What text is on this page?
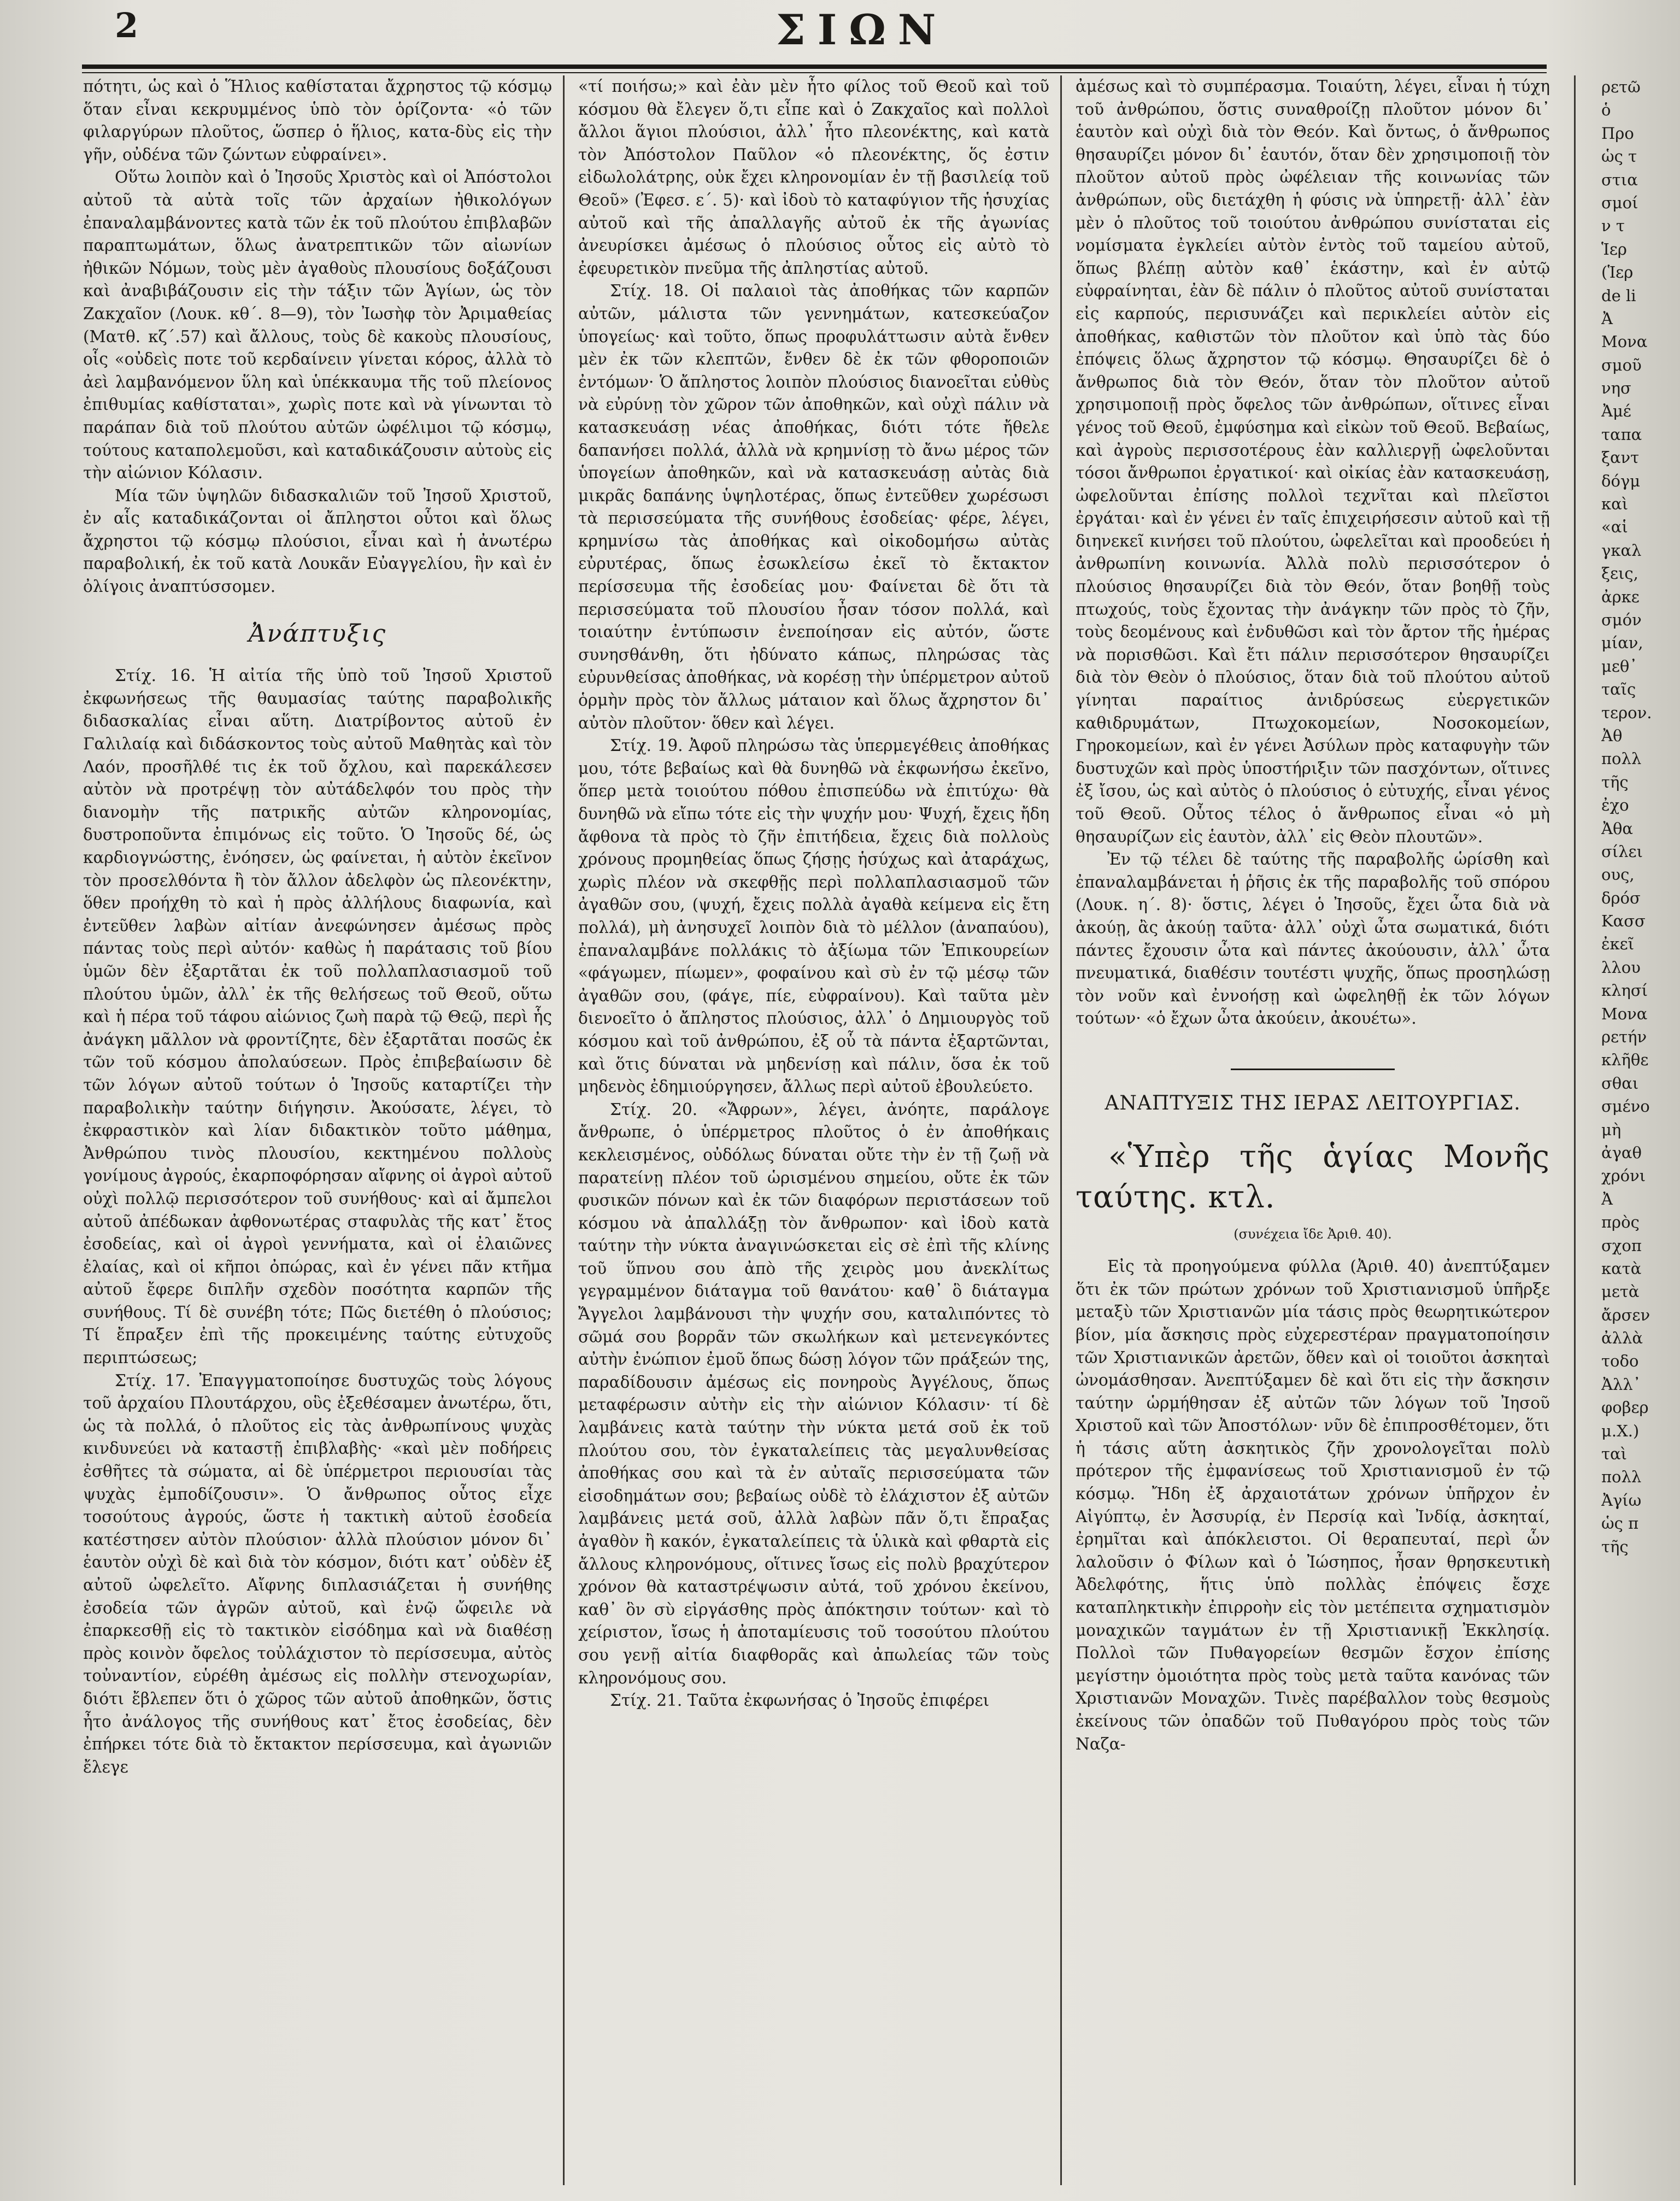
2	ΣΙΩΝ

πότητι, ὡς καὶ ὁ Ἥλιος καθίσταται ἄχρηστος τῷ κόσμῳ ὅταν εἶναι κεκρυμμένος ὑπὸ τὸν ὁρίζοντα· «ὁ τῶν φιλαργύρων πλοῦτος, ὥσπερ ὁ ἥλιος, κατα-δὺς εἰς τὴν γῆν, οὐδένα τῶν ζώντων εὐφραίνει».

Οὕτω λοιπὸν καὶ ὁ Ἰησοῦς Χριστὸς καὶ οἱ Ἀπόστολοι αὐτοῦ τὰ αὐτὰ τοῖς τῶν ἀρχαίων ἠθικολόγων ἐπαναλαμβάνοντες κατὰ τῶν ἐκ τοῦ πλούτου ἐπιβλαβῶν παραπτωμάτων, ὅλως ἀνατρεπτικῶν τῶν αἰωνίων ἠθικῶν Νόμων, τοὺς μὲν ἀγαθοὺς πλουσίους δοξάζουσι καὶ ἀναβιβάζουσιν εἰς τὴν τάξιν τῶν Ἁγίων, ὡς τὸν Ζακχαῖον (Λουκ. κθ΄. 8—9), τὸν Ἰωσὴφ τὸν Ἀριμαθείας (Ματθ. κζ΄.57) καὶ ἄλλους, τοὺς δὲ κακοὺς πλουσίους, οἷς «οὐδεὶς ποτε τοῦ κερδαίνειν γίνεται κόρος, ἀλλὰ τὸ ἀεὶ λαμβανόμενον ὕλη καὶ ὑπέκκαυμα τῆς τοῦ πλείονος ἐπιθυμίας καθίσταται», χωρὶς ποτε καὶ νὰ γίνωνται τὸ παράπαν διὰ τοῦ πλούτου αὐτῶν ὠφέλιμοι τῷ κόσμῳ, τούτους καταπολεμοῦσι, καὶ καταδικάζουσιν αὐτοὺς εἰς τὴν αἰώνιον Κόλασιν.

Μία τῶν ὑψηλῶν διδασκαλιῶν τοῦ Ἰησοῦ Χριστοῦ, ἐν αἷς καταδικάζονται οἱ ἄπληστοι οὗτοι καὶ ὅλως ἄχρηστοι τῷ κόσμῳ πλούσιοι, εἶναι καὶ ἡ ἀνωτέρω παραβολική, ἐκ τοῦ κατὰ Λουκᾶν Εὐαγγελίου, ἣν καὶ ἐν ὀλίγοις ἀναπτύσσομεν.

Ἀνάπτυξις

Στίχ. 16. Ἡ αἰτία τῆς ὑπὸ τοῦ Ἰησοῦ Χριστοῦ ἐκφωνήσεως τῆς θαυμασίας ταύτης παραβολικῆς διδασκαλίας εἶναι αὕτη. Διατρίβοντος αὐτοῦ ἐν Γαλιλαίᾳ καὶ διδάσκοντος τοὺς αὐτοῦ Μαθητὰς καὶ τὸν Λαόν, προσῆλθέ τις ἐκ τοῦ ὄχλου, καὶ παρεκάλεσεν αὐτὸν νὰ προτρέψῃ τὸν αὐτάδελφόν του πρὸς τὴν διανομὴν τῆς πατρικῆς αὐτῶν κληρονομίας, δυστροποῦντα ἐπιμόνως εἰς τοῦτο. Ὁ Ἰησοῦς δέ, ὡς καρδιογνώστης, ἐνόησεν, ὡς φαίνεται, ἡ αὐτὸν ἐκεῖνον τὸν προσελθόντα ἢ τὸν ἄλλον ἀδελφὸν ὡς πλεονέκτην, ὅθεν προήχθη τὸ καὶ ἡ πρὸς ἀλλήλους διαφωνία, καὶ ἐντεῦθεν λαβὼν αἰτίαν ἀνεφώνησεν ἀμέσως πρὸς πάντας τοὺς περὶ αὐτόν· καθὼς ἡ παράτασις τοῦ βίου ὑμῶν δὲν ἐξαρτᾶται ἐκ τοῦ πολλαπλασιασμοῦ τοῦ πλούτου ὑμῶν, ἀλλ᾽ ἐκ τῆς θελήσεως τοῦ Θεοῦ, οὕτω καὶ ἡ πέρα τοῦ τάφου αἰώνιος ζωὴ παρὰ τῷ Θεῷ, περὶ ἧς ἀνάγκη μᾶλλον νὰ φροντίζητε, δὲν ἐξαρτᾶται ποσῶς ἐκ τῶν τοῦ κόσμου ἀπολαύσεων. Πρὸς ἐπιβεβαίωσιν δὲ τῶν λόγων αὐτοῦ τούτων ὁ Ἰησοῦς καταρτίζει τὴν παραβολικὴν ταύτην διήγησιν. Ἀκούσατε, λέγει, τὸ ἐκφραστικὸν καὶ λίαν διδακτικὸν τοῦτο μάθημα, Ἀνθρώπου τινὸς πλουσίου, κεκτημένου πολλοὺς γονίμους ἀγρούς, ἐκαρποφόρησαν αἴφνης οἱ ἀγροὶ αὐτοῦ οὐχὶ πολλῷ περισσότερον τοῦ συνήθους· καὶ αἱ ἄμπελοι αὐτοῦ ἀπέδωκαν ἀφθονωτέρας σταφυλὰς τῆς κατ᾽ ἔτος ἐσοδείας, καὶ οἱ ἀγροὶ γεννήματα, καὶ οἱ ἐλαιῶνες ἐλαίας, καὶ οἱ κῆποι ὀπώρας, καὶ ἐν γένει πᾶν κτῆμα αὐτοῦ ἔφερε διπλῆν σχεδὸν ποσότητα καρπῶν τῆς συνήθους. Τί δὲ συνέβη τότε; Πῶς διετέθη ὁ πλούσιος; Τί ἔπραξεν ἐπὶ τῆς προκειμένης ταύτης εὐτυχοῦς περιπτώσεως;

Στίχ. 17. Ἐπαγγματοποίησε δυστυχῶς τοὺς λόγους τοῦ ἀρχαίου Πλουτάρχου, οὓς ἐξεθέσαμεν ἀνωτέρω, ὅτι, ὡς τὰ πολλά, ὁ πλοῦτος εἰς τὰς ἀνθρωπίνους ψυχὰς κινδυνεύει νὰ καταστῇ ἐπιβλαβὴς· «καὶ μὲν ποδήρεις ἐσθῆτες τὰ σώματα, αἱ δὲ ὑπέρμετροι περιουσίαι τὰς ψυχὰς ἐμποδίζουσιν». Ὁ ἄνθρωπος οὗτος εἶχε τοσούτους ἀγρούς, ὥστε ἡ τακτικὴ αὐτοῦ ἐσοδεία κατέστησεν αὐτὸν πλούσιον· ἀλλὰ πλούσιον μόνον δι᾽ ἑαυτὸν οὐχὶ δὲ καὶ διὰ τὸν κόσμον, διότι κατ᾽ οὐδὲν ἐξ αὐτοῦ ὠφελεῖτο. Αἴφνης διπλασιάζεται ἡ συνήθης ἐσοδεία τῶν ἀγρῶν αὐτοῦ, καὶ ἐνῷ ὤφειλε νὰ ἐπαρκεσθῇ εἰς τὸ τακτικὸν εἰσόδημα καὶ νὰ διαθέσῃ πρὸς κοινὸν ὄφελος τοὐλάχιστον τὸ περίσσευμα, αὐτὸς τοὐναντίον, εὑρέθη ἀμέσως εἰς πολλὴν στενοχωρίαν, διότι ἔβλεπεν ὅτι ὁ χῶρος τῶν αὐτοῦ ἀποθηκῶν, ὅστις ἦτο ἀνάλογος τῆς συνήθους κατ᾽ ἔτος ἐσοδείας, δὲν ἐπήρκει τότε διὰ τὸ ἔκτακτον περίσσευμα, καὶ ἀγωνιῶν ἔλεγε

«τί ποιήσω;» καὶ ἐὰν μὲν ἦτο φίλος τοῦ Θεοῦ καὶ τοῦ κόσμου θὰ ἔλεγεν ὅ,τι εἶπε καὶ ὁ Ζακχαῖος καὶ πολλοὶ ἄλλοι ἅγιοι πλούσιοι, ἀλλ᾽ ἦτο πλεονέκτης, καὶ κατὰ τὸν Ἀπόστολον Παῦλον «ὁ πλεονέκτης, ὅς ἐστιν εἰδωλολάτρης, οὐκ ἔχει κληρονομίαν ἐν τῇ βασιλείᾳ τοῦ Θεοῦ» (Ἐφεσ. ε΄. 5)· καὶ ἰδοὺ τὸ καταφύγιον τῆς ἡσυχίας αὐτοῦ καὶ τῆς ἀπαλλαγῆς αὐτοῦ ἐκ τῆς ἀγωνίας ἀνευρίσκει ἀμέσως ὁ πλούσιος οὗτος εἰς αὐτὸ τὸ ἐφευρετικὸν πνεῦμα τῆς ἀπληστίας αὐτοῦ.

Στίχ. 18. Οἱ παλαιοὶ τὰς ἀποθήκας τῶν καρπῶν αὐτῶν, μάλιστα τῶν γεννημάτων, κατεσκεύαζον ὑπογείως· καὶ τοῦτο, ὅπως προφυλάττωσιν αὐτὰ ἔνθεν μὲν ἐκ τῶν κλεπτῶν, ἔνθεν δὲ ἐκ τῶν φθοροποιῶν ἐντόμων· Ὁ ἄπληστος λοιπὸν πλούσιος διανοεῖται εὐθὺς νὰ εὐρύνῃ τὸν χῶρον τῶν ἀποθηκῶν, καὶ οὐχὶ πάλιν νὰ κατασκευάσῃ νέας ἀποθήκας, διότι τότε ἤθελε δαπανήσει πολλά, ἀλλὰ νὰ κρημνίσῃ τὸ ἄνω μέρος τῶν ὑπογείων ἀποθηκῶν, καὶ νὰ κατασκευάσῃ αὐτὰς διὰ μικρᾶς δαπάνης ὑψηλοτέρας, ὅπως ἐντεῦθεν χωρέσωσι τὰ περισσεύματα τῆς συνήθους ἐσοδείας· φέρε, λέγει, κρημνίσω τὰς ἀποθήκας καὶ οἰκοδομήσω αὐτὰς εὐρυτέρας, ὅπως ἐσωκλείσω ἐκεῖ τὸ ἔκτακτον περίσσευμα τῆς ἐσοδείας μου· Φαίνεται δὲ ὅτι τὰ περισσεύματα τοῦ πλουσίου ἦσαν τόσον πολλά, καὶ τοιαύτην ἐντύπωσιν ἐνεποίησαν εἰς αὐτόν, ὥστε συνησθάνθη, ὅτι ἠδύνατο κάπως, πληρώσας τὰς εὐρυνθείσας ἀποθήκας, νὰ κορέσῃ τὴν ὑπέρμετρον αὐτοῦ ὁρμὴν πρὸς τὸν ἄλλως μάταιον καὶ ὅλως ἄχρηστον δι᾽ αὐτὸν πλοῦτον· ὅθεν καὶ λέγει.

Στίχ. 19. Ἀφοῦ πληρώσω τὰς ὑπερμεγέθεις ἀποθήκας μου, τότε βεβαίως καὶ θὰ δυνηθῶ νὰ ἐκφωνήσω ἐκεῖνο, ὅπερ μετὰ τοιούτου πόθου ἐπισπεύδω νὰ ἐπιτύχω· θὰ δυνηθῶ νὰ εἴπω τότε εἰς τὴν ψυχήν μου· Ψυχή, ἔχεις ἤδη ἄφθονα τὰ πρὸς τὸ ζῆν ἐπιτήδεια, ἔχεις διὰ πολλοὺς χρόνους προμηθείας ὅπως ζήσῃς ἡσύχως καὶ ἀταράχως, χωρὶς πλέον νὰ σκεφθῇς περὶ πολλαπλασιασμοῦ τῶν ἀγαθῶν σου, (ψυχή, ἔχεις πολλὰ ἀγαθὰ κείμενα εἰς ἔτη πολλά), μὴ ἀνησυχεῖ λοιπὸν διὰ τὸ μέλλον (ἀναπαύου), ἐπαναλαμβάνε πολλάκις τὸ ἀξίωμα τῶν Ἐπικουρείων «φάγωμεν, πίωμεν», φοφαίνου καὶ σὺ ἐν τῷ μέσῳ τῶν ἀγαθῶν σου, (φάγε, πίε, εὐφραίνου). Καὶ ταῦτα μὲν διενοεῖτο ὁ ἄπληστος πλούσιος, ἀλλ᾽ ὁ Δημιουργὸς τοῦ κόσμου καὶ τοῦ ἀνθρώπου, ἐξ οὗ τὰ πάντα ἐξαρτῶνται, καὶ ὅτις δύναται νὰ μηδενίσῃ καὶ πάλιν, ὅσα ἐκ τοῦ μηδενὸς ἐδημιούργησεν, ἄλλως περὶ αὐτοῦ ἐβουλεύετο.

Στίχ. 20. «Ἄφρων», λέγει, ἀνόητε, παράλογε ἄνθρωπε, ὁ ὑπέρμετρος πλοῦτος ὁ ἐν ἀποθήκαις κεκλεισμένος, οὐδόλως δύναται οὔτε τὴν ἐν τῇ ζωῇ νὰ παρατείνῃ πλέον τοῦ ὡρισμένου σημείου, οὔτε ἐκ τῶν φυσικῶν πόνων καὶ ἐκ τῶν διαφόρων περιστάσεων τοῦ κόσμου νὰ ἀπαλλάξῃ τὸν ἄνθρωπον· καὶ ἰδοὺ κατὰ ταύτην τὴν νύκτα ἀναγινώσκεται εἰς σὲ ἐπὶ τῆς κλίνης τοῦ ὕπνου σου ἀπὸ τῆς χειρὸς μου ἀνεκλίτως γεγραμμένον διάταγμα τοῦ θανάτου· καθ᾽ ὃ διάταγμα Ἄγγελοι λαμβάνουσι τὴν ψυχήν σου, καταλιπόντες τὸ σῶμά σου βορρᾶν τῶν σκωλήκων καὶ μετενεγκόντες αὐτὴν ἐνώπιον ἐμοῦ ὅπως δώσῃ λόγον τῶν πράξεών της, παραδίδουσιν ἀμέσως εἰς πονηροὺς Ἀγγέλους, ὅπως μεταφέρωσιν αὐτὴν εἰς τὴν αἰώνιον Κόλασιν· τί δὲ λαμβάνεις κατὰ ταύτην τὴν νύκτα μετά σοῦ ἐκ τοῦ πλούτου σου, τὸν ἐγκαταλείπεις τὰς μεγαλυνθείσας ἀποθήκας σου καὶ τὰ ἐν αὐταῖς περισσεύματα τῶν εἰσοδημάτων σου; βεβαίως οὐδὲ τὸ ἐλάχιστον ἐξ αὐτῶν λαμβάνεις μετά σοῦ, ἀλλὰ λαβὼν πᾶν ὅ,τι ἔπραξας ἀγαθὸν ἢ κακόν, ἐγκαταλείπεις τὰ ὑλικὰ καὶ φθαρτὰ εἰς ἄλλους κληρονόμους, οἵτινες ἴσως εἰς πολὺ βραχύτερον χρόνον θὰ καταστρέψωσιν αὐτά, τοῦ χρόνου ἐκείνου, καθ᾽ ὃν σὺ εἰργάσθης πρὸς ἀπόκτησιν τούτων· καὶ τὸ χείριστον, ἴσως ἡ ἀποταμίευσις τοῦ τοσούτου πλούτου σου γενῇ αἰτία διαφθορᾶς καὶ ἀπωλείας τῶν τοὺς κληρονόμους σου.

Στίχ. 21. Ταῦτα ἐκφωνήσας ὁ Ἰησοῦς ἐπιφέρει

ἀμέσως καὶ τὸ συμπέρασμα. Τοιαύτη, λέγει, εἶναι ἡ τύχη τοῦ ἀνθρώπου, ὅστις συναθροίζῃ πλοῦτον μόνον δι᾽ ἑαυτὸν καὶ οὐχὶ διὰ τὸν Θεόν. Καὶ ὄντως, ὁ ἄνθρωπος θησαυρίζει μόνον δι᾽ ἑαυτόν, ὅταν δὲν χρησιμοποιῇ τὸν πλοῦτον αὐτοῦ πρὸς ὠφέλειαν τῆς κοινωνίας τῶν ἀνθρώπων, οὓς διετάχθη ἡ φύσις νὰ ὑπηρετῇ· ἀλλ᾽ ἐὰν μὲν ὁ πλοῦτος τοῦ τοιούτου ἀνθρώπου συνίσταται εἰς νομίσματα ἐγκλείει αὐτὸν ἐντὸς τοῦ ταμείου αὐτοῦ, ὅπως βλέπῃ αὐτὸν καθ᾽ ἑκάστην, καὶ ἐν αὐτῷ εὐφραίνηται, ἐὰν δὲ πάλιν ὁ πλοῦτος αὐτοῦ συνίσταται εἰς καρπούς, περισυνάζει καὶ περικλείει αὐτὸν εἰς ἀποθήκας, καθιστῶν τὸν πλοῦτον καὶ ὑπὸ τὰς δύο ἐπόψεις ὅλως ἄχρηστον τῷ κόσμῳ. Θησαυρίζει δὲ ὁ ἄνθρωπος διὰ τὸν Θεόν, ὅταν τὸν πλοῦτον αὐτοῦ χρησιμοποιῇ πρὸς ὄφελος τῶν ἀνθρώπων, οἵτινες εἶναι γένος τοῦ Θεοῦ, ἐμφύσημα καὶ εἰκὼν τοῦ Θεοῦ. Βεβαίως, καὶ ἀγροὺς περισσοτέρους ἐὰν καλλιεργῇ ὠφελοῦνται τόσοι ἄνθρωποι ἐργατικοί· καὶ οἰκίας ἐὰν κατασκευάσῃ, ὠφελοῦνται ἐπίσης πολλοὶ τεχνῖται καὶ πλεῖστοι ἐργάται· καὶ ἐν γένει ἐν ταῖς ἐπιχειρήσεσιν αὐτοῦ καὶ τῇ διηνεκεῖ κινήσει τοῦ πλούτου, ὠφελεῖται καὶ προοδεύει ἡ ἀνθρωπίνη κοινωνία. Ἀλλὰ πολὺ περισσότερον ὁ πλούσιος θησαυρίζει διὰ τὸν Θεόν, ὅταν βοηθῇ τοὺς πτωχούς, τοὺς ἔχοντας τὴν ἀνάγκην τῶν πρὸς τὸ ζῆν, τοὺς δεομένους καὶ ἐνδυθῶσι καὶ τὸν ἄρτον τῆς ἡμέρας νὰ πορισθῶσι. Καὶ ἔτι πάλιν περισσότερον θησαυρίζει διὰ τὸν Θεὸν ὁ πλούσιος, ὅταν διὰ τοῦ πλούτου αὐτοῦ γίνηται παραίτιος ἀνιδρύσεως εὐεργετικῶν καθιδρυμάτων, Πτωχοκομείων, Νοσοκομείων, Γηροκομείων, καὶ ἐν γένει Ἀσύλων πρὸς καταφυγὴν τῶν δυστυχῶν καὶ πρὸς ὑποστήριξιν τῶν πασχόντων, οἵτινες ἐξ ἴσου, ὡς καὶ αὐτὸς ὁ πλούσιος ὁ εὐτυχής, εἶναι γένος τοῦ Θεοῦ. Οὗτος τέλος ὁ ἄνθρωπος εἶναι «ὁ μὴ θησαυρίζων εἰς ἑαυτὸν, ἀλλ᾽ εἰς Θεὸν πλουτῶν».

Ἐν τῷ τέλει δὲ ταύτης τῆς παραβολῆς ὡρίσθη καὶ ἐπαναλαμβάνεται ἡ ῥῆσις ἐκ τῆς παραβολῆς τοῦ σπόρου (Λουκ. η΄. 8)· ὅστις, λέγει ὁ Ἰησοῦς, ἔχει ὦτα διὰ νὰ ἀκούῃ, ἂς ἀκούῃ ταῦτα· ἀλλ᾽ οὐχὶ ὦτα σωματικά, διότι πάντες ἔχουσιν ὦτα καὶ πάντες ἀκούουσιν, ἀλλ᾽ ὦτα πνευματικά, διαθέσιν τουτέστι ψυχῆς, ὅπως προσηλώσῃ τὸν νοῦν καὶ ἐννοήσῃ καὶ ὠφεληθῇ ἐκ τῶν λόγων τούτων· «ὁ ἔχων ὦτα ἀκούειν, ἀκουέτω».

ΑΝΑΠΤΥΞΙΣ ΤΗΣ ΙΕΡΑΣ ΛΕΙΤΟΥΡΓΙΑΣ.

«Ὑπὲρ τῆς ἁγίας Μονῆς ταύτης. κτλ.

(συνέχεια ἴδε Ἀριθ. 40).

Εἰς τὰ προηγούμενα φύλλα (Ἀριθ. 40) ἀνεπτύξαμεν ὅτι ἐκ τῶν πρώτων χρόνων τοῦ Χριστιανισμοῦ ὑπῆρξε μεταξὺ τῶν Χριστιανῶν μία τάσις πρὸς θεωρητικώτερον βίον, μία ἄσκησις πρὸς εὐχερεστέραν πραγματοποίησιν τῶν Χριστιανικῶν ἀρετῶν, ὅθεν καὶ οἱ τοιοῦτοι ἀσκηταὶ ὠνομάσθησαν. Ἀνεπτύξαμεν δὲ καὶ ὅτι εἰς τὴν ἄσκησιν ταύτην ὡρμήθησαν ἐξ αὐτῶν τῶν λόγων τοῦ Ἰησοῦ Χριστοῦ καὶ τῶν Ἀποστόλων· νῦν δὲ ἐπιπροσθέτομεν, ὅτι ἡ τάσις αὕτη ἀσκητικὸς ζῆν χρονολογεῖται πολὺ πρότερον τῆς ἐμφανίσεως τοῦ Χριστιανισμοῦ ἐν τῷ κόσμῳ. Ἤδη ἐξ ἀρχαιοτάτων χρόνων ὑπῆρχον ἐν Αἰγύπτῳ, ἐν Ἀσσυρίᾳ, ἐν Περσίᾳ καὶ Ἰνδίᾳ, ἀσκηταί, ἐρημῖται καὶ ἀπόκλειστοι. Οἱ θεραπευταί, περὶ ὧν λαλοῦσιν ὁ Φίλων καὶ ὁ Ἰώσηπος, ἦσαν θρησκευτικὴ Ἀδελφότης, ἥτις ὑπὸ πολλὰς ἐπόψεις ἔσχε καταπληκτικὴν ἐπιρροὴν εἰς τὸν μετέπειτα σχηματισμὸν μοναχικῶν ταγμάτων ἐν τῇ Χριστιανικῇ Ἐκκλησίᾳ. Πολλοὶ τῶν Πυθαγορείων θεσμῶν ἔσχον ἐπίσης μεγίστην ὁμοιότητα πρὸς τοὺς μετὰ ταῦτα κανόνας τῶν Χριστιανῶν Μοναχῶν. Τινὲς παρέβαλλον τοὺς θεσμοὺς ἐκείνους τῶν ὀπαδῶν τοῦ Πυθαγόρου πρὸς τοὺς τῶν Ναζα-

ρετῶ
ὁ
Προ
ὡς τ
στια
σμοί
ν τ
Ἱερ
(Ἱερ
de li
Ἀ
Μονα
σμοῦ
νησ
Ἀμέ
ταπα
ξαντ
δόγμ
καὶ
«αἱ
γκαλ
ξεις,
ἀρκε
σμόν
μίαν,
μεθ᾽
ταῖς
τερον.
Ἀθ
πολλ
τῆς
ἐχο
Ἀθα
σίλει
ους,
δρόσ
Κασσ
ἐκεῖ
λλου
κλησί
Μονα
ρετήν
κλῆθε
σθαι
σμένο
μὴ
ἀγαθ
χρόνι
Ἀ
πρὸς
σχοπ
κατὰ
μετὰ
ἄρσεν
ἀλλὰ
τοδο
Ἀλλ᾽
φοβερ
μ.Χ.)
ταὶ
πολλ
Ἀγίω
ὡς π
τῆς
